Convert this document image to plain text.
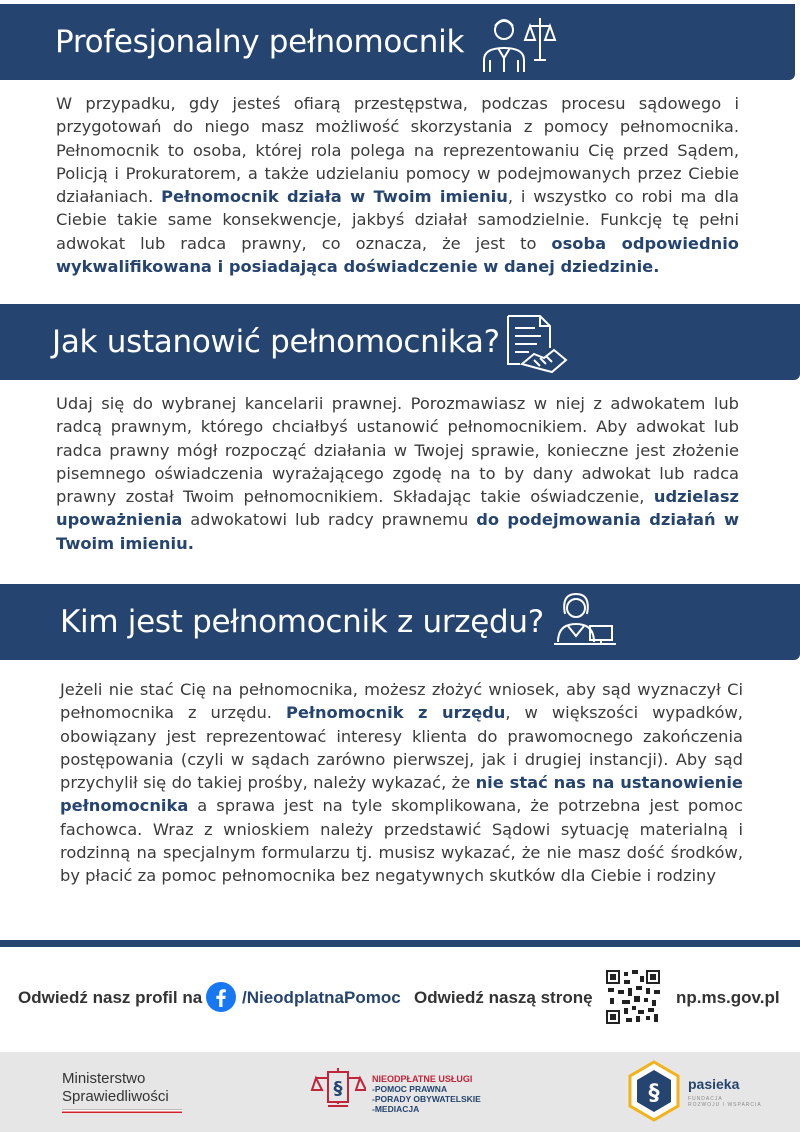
Profesjonalny pełnomocnik

W przypadku, gdy jesteś ofiarą przestępstwa, podczas procesu sądowego i przygotowań do niego masz możliwość skorzystania z pomocy pełnomocnika. Pełnomocnik to osoba, której rola polega na reprezentowaniu Cię przed Sądem, Policją i Prokuratorem, a także udzielaniu pomocy w podejmowanych przez Ciebie działaniach. Pełnomocnik działa w Twoim imieniu, i wszystko co robi ma dla Ciebie takie same konsekwencje, jakbyś działał samodzielnie. Funkcję tę pełni adwokat lub radca prawny, co oznacza, że jest to osoba odpowiednio wykwalifikowana i posiadająca doświadczenie w danej dziedzinie.

Jak ustanowić pełnomocnika?

Udaj się do wybranej kancelarii prawnej. Porozmawiasz w niej z adwokatem lub radcą prawnym, którego chciałbyś ustanowić pełnomocnikiem. Aby adwokat lub radca prawny mógł rozpocząć działania w Twojej sprawie, konieczne jest złożenie pisemnego oświadczenia wyrażającego zgodę na to by dany adwokat lub radca prawny został Twoim pełnomocnikiem. Składając takie oświadczenie, udzielasz upoważnienia adwokatowi lub radcy prawnemu do podejmowania działań w Twoim imieniu.

Kim jest pełnomocnik z urzędu?

Jeżeli nie stać Cię na pełnomocnika, możesz złożyć wniosek, aby sąd wyznaczył Ci pełnomocnika z urzędu. Pełnomocnik z urzędu, w większości wypadków, obowiązany jest reprezentować interesy klienta do prawomocnego zakończenia postępowania (czyli w sądach zarówno pierwszej, jak i drugiej instancji). Aby sąd przychylił się do takiej prośby, należy wykazać, że nie stać nas na ustanowienie pełnomocnika a sprawa jest na tyle skomplikowana, że potrzebna jest pomoc fachowca. Wraz z wnioskiem należy przedstawić Sądowi sytuację materialną i rodzinną na specjalnym formularzu tj. musisz wykazać, że nie masz dość środków, by płacić za pomoc pełnomocnika bez negatywnych skutków dla Ciebie i rodziny

Odwiedź nasz profil na /NieodplatnaPomoc Odwiedź naszą stronę	np.ms.gov.pl
Ministerstwo
Sprawiedliwości	§	NIEODPŁATNE USŁUGI
-POMOC PRAWNA
-PORADY OBYWATELSKIE
-MEDIACJA
§ pasieka
FUNDACJA
ROZWOJU I WSPARCIA
